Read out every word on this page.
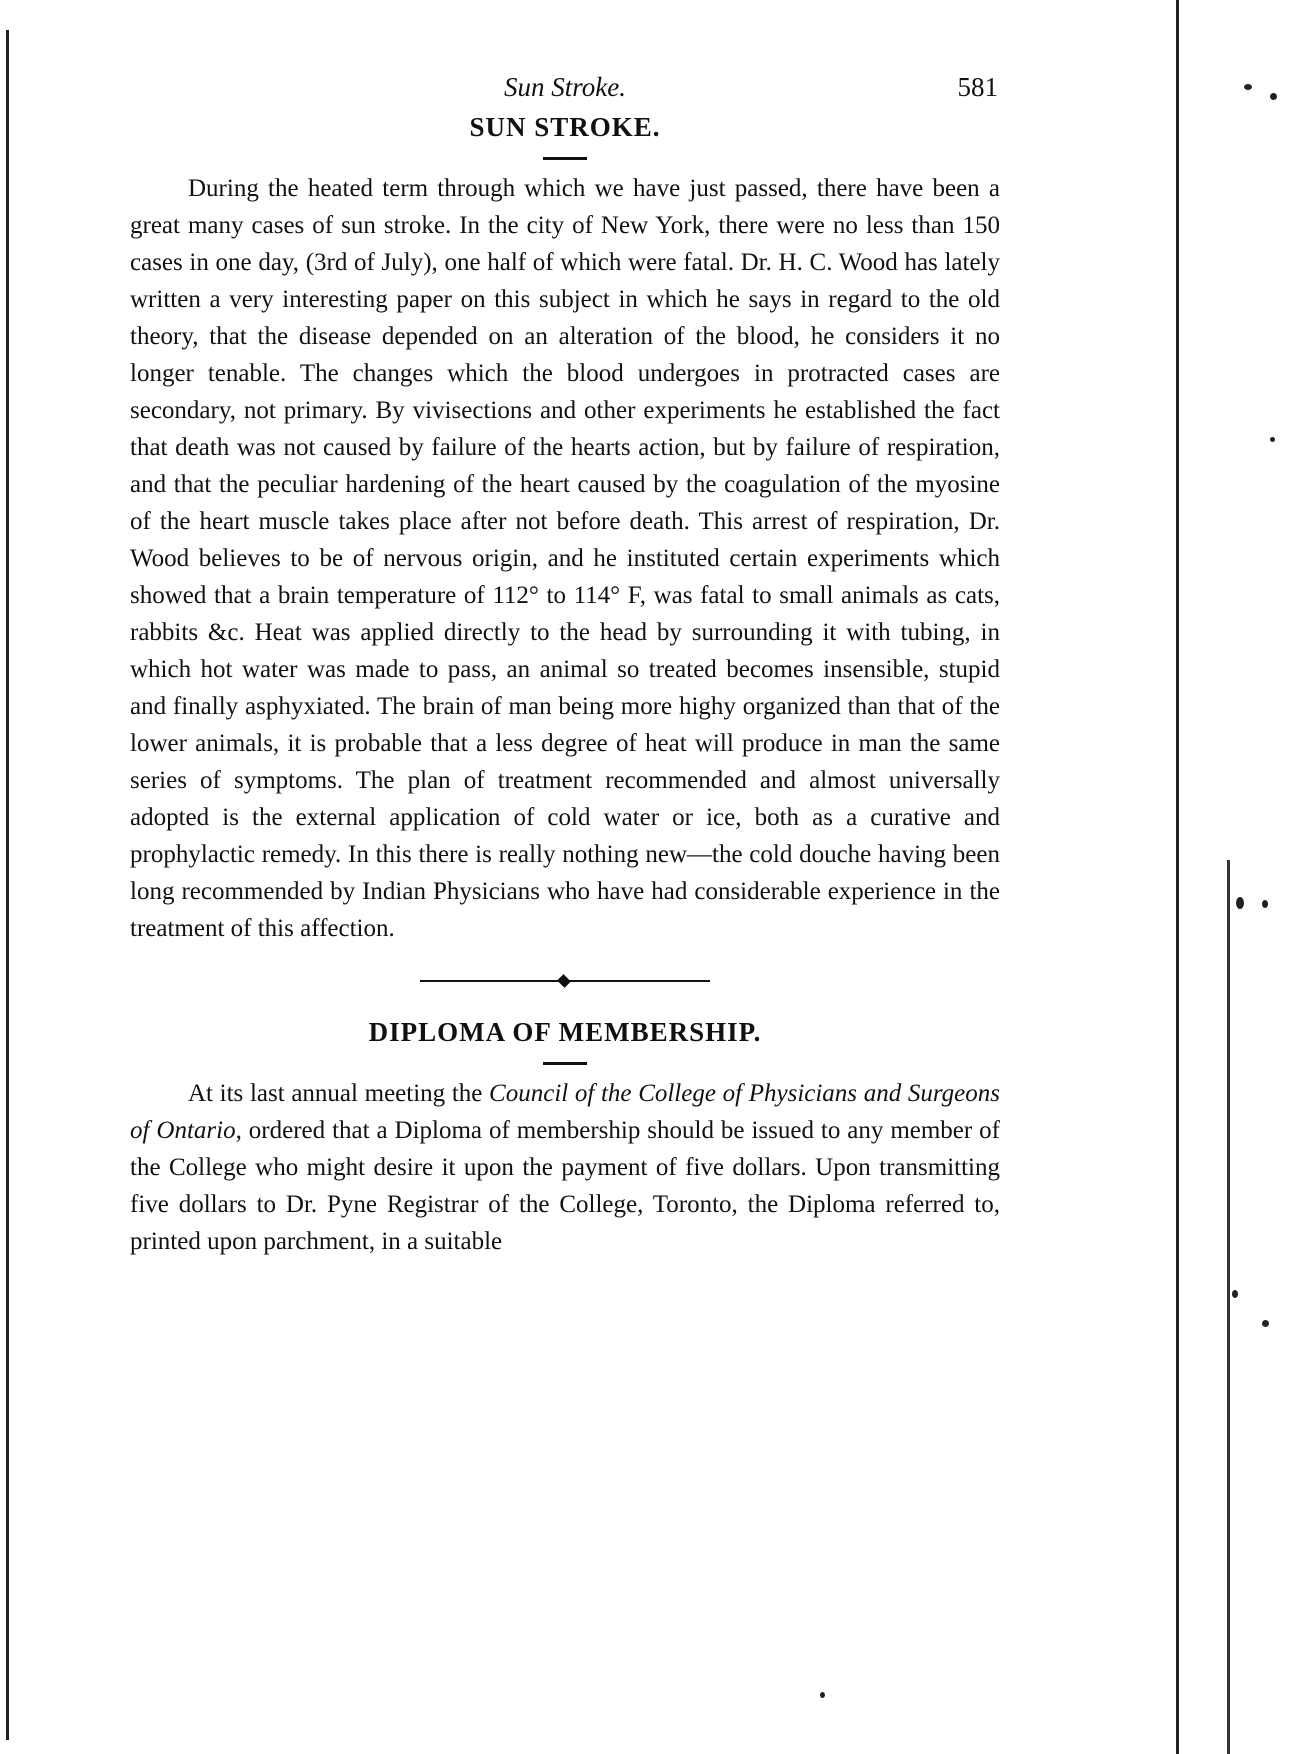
Sun Stroke.	581
SUN STROKE.

During the heated term through which we have just passed, there have been a great many cases of sun stroke. In the city of New York, there were no less than 150 cases in one day, (3rd of July), one half of which were fatal. Dr. H. C. Wood has lately written a very interesting paper on this subject in which he says in regard to the old theory, that the disease depended on an alteration of the blood, he considers it no longer tenable. The changes which the blood undergoes in protracted cases are secondary, not primary. By vivisections and other experiments he established the fact that death was not caused by failure of the hearts action, but by failure of respiration, and that the peculiar hardening of the heart caused by the coagulation of the myosine of the heart muscle takes place after not before death. This arrest of respiration, Dr. Wood believes to be of nervous origin, and he instituted certain experiments which showed that a brain temperature of 112° to 114° F, was fatal to small animals as cats, rabbits &c. Heat was applied directly to the head by surrounding it with tubing, in which hot water was made to pass, an animal so treated becomes insensible, stupid and finally asphyxiated. The brain of man being more highy organized than that of the lower animals, it is probable that a less degree of heat will produce in man the same series of symptoms. The plan of treatment recommended and almost universally adopted is the external application of cold water or ice, both as a curative and prophylactic remedy. In this there is really nothing new—the cold douche having been long recommended by Indian Physicians who have had considerable experience in the treatment of this affection.

DIPLOMA OF MEMBERSHIP.

At its last annual meeting the Council of the College of Physicians and Surgeons of Ontario, ordered that a Diploma of membership should be issued to any member of the College who might desire it upon the payment of five dollars. Upon transmitting five dollars to Dr. Pyne Registrar of the College, Toronto, the Diploma referred to, printed upon parchment, in a suitable
